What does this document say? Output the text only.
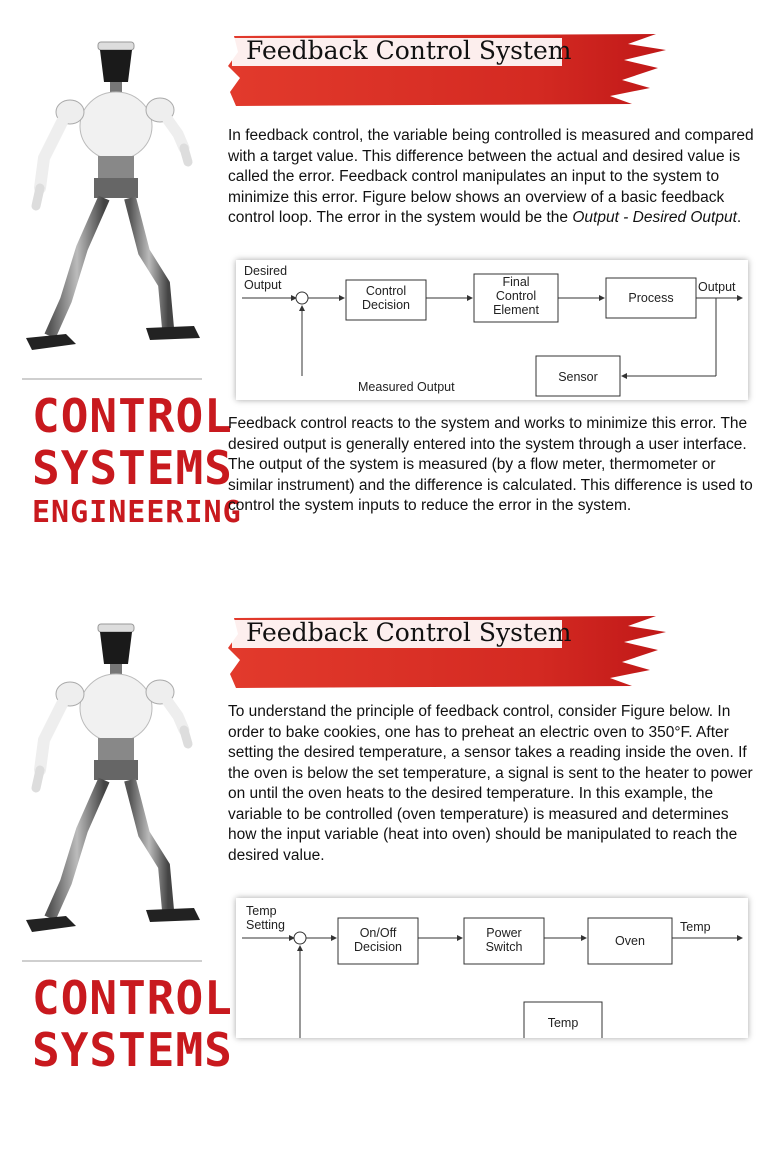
CONTROL
SYSTEMS
ENGINEERING
Feedback Control System
In feedback control, the variable being controlled is measured and compared with a target value. This difference between the actual and desired value is called the error. Feedback control manipulates an input to the system to minimize this error. Figure below shows an overview of a basic feedback control loop. The error in the system would be the Output - Desired Output.
Desired
Output	Control
Decision
Final
Control
Element
Process
Output
Sensor
Measured Output
Feedback control reacts to the system and works to minimize this error. The desired output is generally entered into the system through a user interface. The output of the system is measured (by a flow meter, thermometer or similar instrument) and the difference is calculated. This difference is used to control the system inputs to reduce the error in the system.
CONTROL
SYSTEMS
Feedback Control System
To understand the principle of feedback control, consider Figure below. In order to bake cookies, one has to preheat an electric oven to 350°F. After setting the desired temperature, a sensor takes a reading inside the oven. If the oven is below the set temperature, a signal is sent to the heater to power on until the oven heats to the desired temperature. In this example, the variable to be controlled (oven temperature) is measured and determines how the input variable (heat into oven) should be manipulated to reach the desired value.
Temp
Setting
On/Off
Decision
Power
Switch	Oven
Temp
Temp
